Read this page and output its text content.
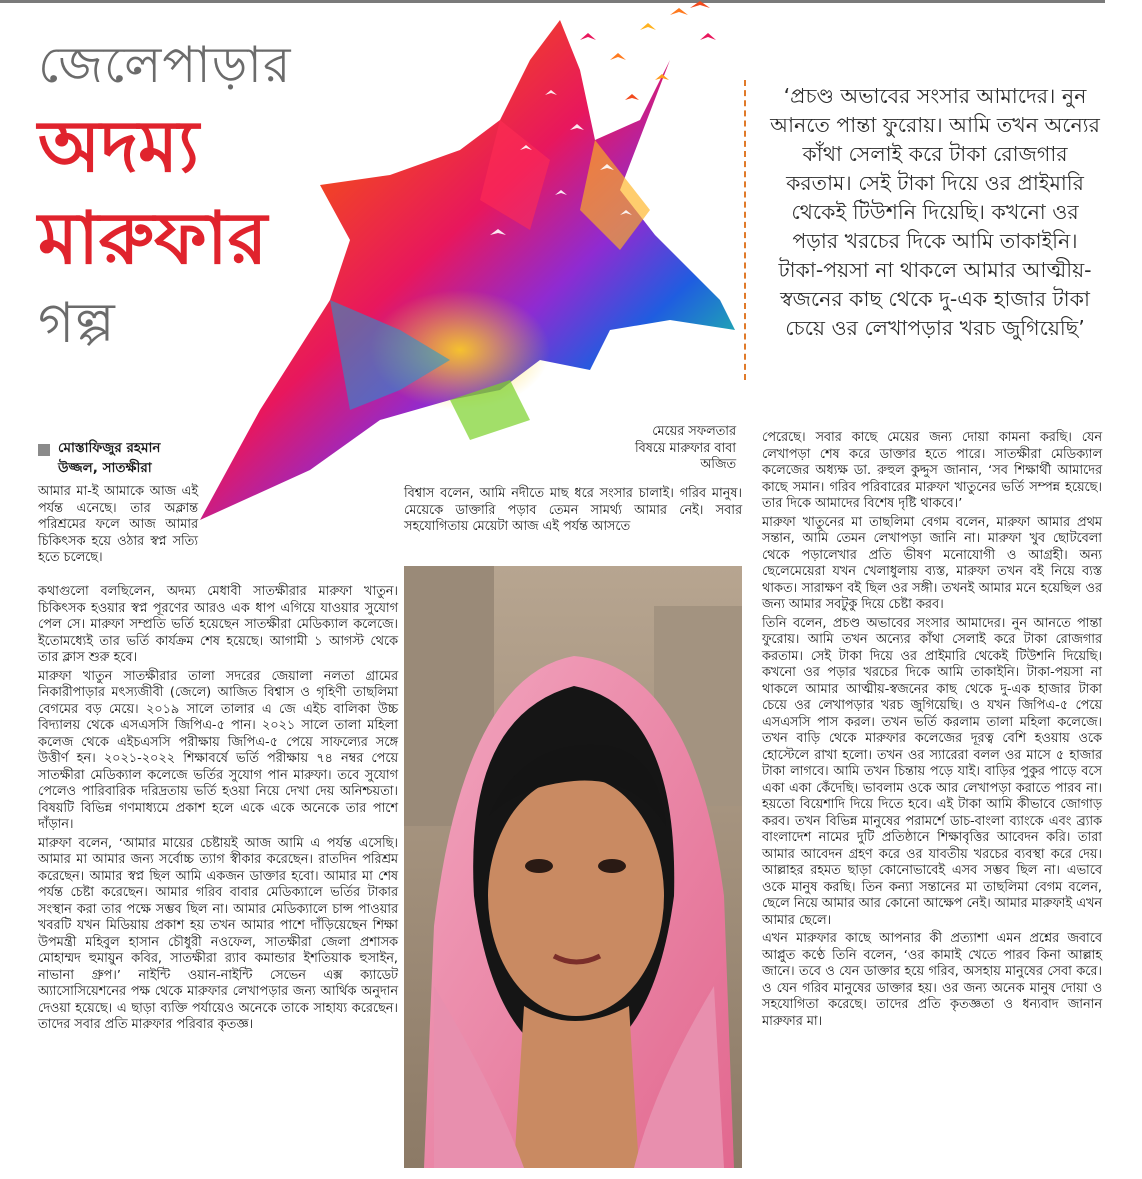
জেলেপাড়ার
অদম্য
মারুফার
গল্প
‘প্রচণ্ড অভাবের সংসার আমাদের। নুন আনতে পান্তা ফুরোয়। আমি তখন অন্যের কাঁথা সেলাই করে টাকা রোজগার করতাম। সেই টাকা দিয়ে ওর প্রাইমারি থেকেই টিউশনি দিয়েছি। কখনো ওর পড়ার খরচের দিকে আমি তাকাইনি। টাকা-পয়সা না থাকলে আমার আত্মীয়-স্বজনের কাছ থেকে দু-এক হাজার টাকা চেয়ে ওর লেখাপড়ার খরচ জুগিয়েছি’
মোস্তাফিজুর রহমান
উজ্জল, সাতক্ষীরা

আমার মা-ই আমাকে আজ এই পর্যন্ত এনেছে। তার অক্লান্ত পরিশ্রমের ফলে আজ আমার চিকিৎসক হয়ে ওঠার স্বপ্ন সত্যি হতে চলেছে।

কথাগুলো বলছিলেন, অদম্য মেধাবী সাতক্ষীরার মারুফা খাতুন। চিকিৎসক হওয়ার স্বপ্ন পূরণের আরও এক ধাপ এগিয়ে যাওয়ার সুযোগ পেল সে। মারুফা সম্প্রতি ভর্তি হয়েছেন সাতক্ষীরা মেডিক্যাল কলেজে। ইতোমধ্যেই তার ভর্তি কার্যক্রম শেষ হয়েছে। আগামী ১ আগস্ট থেকে তার ক্লাস শুরু হবে।

মারুফা খাতুন সাতক্ষীরার তালা সদরের জেয়ালা নলতা গ্রামের নিকারীপাড়ার মৎস্যজীবী (জেলে) আজিত বিশ্বাস ও গৃহিণী তাছলিমা বেগমের বড় মেয়ে। ২০১৯ সালে তালার এ জে এইচ বালিকা উচ্চ বিদ্যালয় থেকে এসএসসি জিপিএ-৫ পান। ২০২১ সালে তালা মহিলা কলেজ থেকে এইচএসসি পরীক্ষায় জিপিএ-৫ পেয়ে সাফল্যের সঙ্গে উত্তীর্ণ হন। ২০২১-২০২২ শিক্ষাবর্ষে ভর্তি পরীক্ষায় ৭৪ নম্বর পেয়ে সাতক্ষীরা মেডিক্যাল কলেজে ভর্তির সুযোগ পান মারুফা। তবে সুযোগ পেলেও পারিবারিক দরিদ্রতায় ভর্তি হওয়া নিয়ে দেখা দেয় অনিশ্চয়তা। বিষয়টি বিভিন্ন গণমাধ্যমে প্রকাশ হলে একে একে অনেকে তার পাশে দাঁড়ান।

মারুফা বলেন, ‘আমার মায়ের চেষ্টায়ই আজ আমি এ পর্যন্ত এসেছি। আমার মা আমার জন্য সর্বোচ্চ ত্যাগ স্বীকার করেছেন। রাতদিন পরিশ্রম করেছেন। আমার স্বপ্ন ছিল আমি একজন ডাক্তার হবো। আমার মা শেষ পর্যন্ত চেষ্টা করেছেন। আমার গরিব বাবার মেডিক্যালে ভর্তির টাকার সংস্থান করা তার পক্ষে সম্ভব ছিল না। আমার মেডিক্যালে চান্স পাওয়ার খবরটি যখন মিডিয়ায় প্রকাশ হয় তখন আমার পাশে দাঁড়িয়েছেন শিক্ষা উপমন্ত্রী মহিবুল হাসান চৌধুরী নওফেল, সাতক্ষীরা জেলা প্রশাসক মোহাম্মদ হুমায়ুন কবির, সাতক্ষীরা র‌্যাব কমান্ডার ইশতিয়াক হুসাইন, নাভানা গ্রুপ।’ নাইন্টি ওয়ান-নাইন্টি সেভেন এক্স ক্যাডেট অ্যাসোসিয়েশনের পক্ষ থেকে মারুফার লেখাপড়ার জন্য আর্থিক অনুদান দেওয়া হয়েছে। এ ছাড়া ব্যক্তি পর্যায়েও অনেকে তাকে সাহায্য করেছেন। তাদের সবার প্রতি মারুফার পরিবার কৃতজ্ঞ।

মেয়ের সফলতার বিষয়ে মারুফার বাবা অজিত

বিশ্বাস বলেন, আমি নদীতে মাছ ধরে সংসার চালাই। গরিব মানুষ। মেয়েকে ডাক্তারি পড়াব তেমন সামর্থ্য আমার নেই। সবার সহযোগিতায় মেয়েটা আজ এই পর্যন্ত আসতে

পেরেছে। সবার কাছে মেয়ের জন্য দোয়া কামনা করছি। যেন লেখাপড়া শেষ করে ডাক্তার হতে পারে। সাতক্ষীরা মেডিক্যাল কলেজের অধ্যক্ষ ডা. রুহুল কুদ্দুস জানান, ‘সব শিক্ষার্থী আমাদের কাছে সমান। গরিব পরিবারের মারুফা খাতুনের ভর্তি সম্পন্ন হয়েছে। তার দিকে আমাদের বিশেষ দৃষ্টি থাকবে।’

মারুফা খাতুনের মা তাছলিমা বেগম বলেন, মারুফা আমার প্রথম সন্তান, আমি তেমন লেখাপড়া জানি না। মারুফা খুব ছোটবেলা থেকে পড়ালেখার প্রতি ভীষণ মনোযোগী ও আগ্রহী। অন্য ছেলেমেয়েরা যখন খেলাধুলায় ব্যস্ত, মারুফা তখন বই নিয়ে ব্যস্ত থাকত। সারাক্ষণ বই ছিল ওর সঙ্গী। তখনই আমার মনে হয়েছিল ওর জন্য আমার সবটুকু দিয়ে চেষ্টা করব।

তিনি বলেন, প্রচণ্ড অভাবের সংসার আমাদের। নুন আনতে পান্তা ফুরোয়। আমি তখন অন্যের কাঁথা সেলাই করে টাকা রোজগার করতাম। সেই টাকা দিয়ে ওর প্রাইমারি থেকেই টিউশনি দিয়েছি। কখনো ওর পড়ার খরচের দিকে আমি তাকাইনি। টাকা-পয়সা না থাকলে আমার আত্মীয়-স্বজনের কাছ থেকে দু-এক হাজার টাকা চেয়ে ওর লেখাপড়ার খরচ জুগিয়েছি। ও যখন জিপিএ-৫ পেয়ে এসএসসি পাস করল। তখন ভর্তি করলাম তালা মহিলা কলেজে। তখন বাড়ি থেকে মারুফার কলেজের দূরত্ব বেশি হওয়ায় ওকে হোস্টেলে রাখা হলো। তখন ওর স্যারেরা বলল ওর মাসে ৫ হাজার টাকা লাগবে। আমি তখন চিন্তায় পড়ে যাই। বাড়ির পুকুর পাড়ে বসে একা একা কেঁদেছি। ভাবলাম ওকে আর লেখাপড়া করাতে পারব না। হয়তো বিয়েশাদি দিয়ে দিতে হবে। এই টাকা আমি কীভাবে জোগাড় করব। তখন বিভিন্ন মানুষের পরামর্শে ডাচ-বাংলা ব্যাংকে এবং ব্র্যাক বাংলাদেশ নামের দুটি প্রতিষ্ঠানে শিক্ষাবৃত্তির আবেদন করি। তারা আমার আবেদন গ্রহণ করে ওর যাবতীয় খরচের ব্যবস্থা করে দেয়। আল্লাহর রহমত ছাড়া কোনোভাবেই এসব সম্ভব ছিল না। এভাবে ওকে মানুষ করছি। তিন কন্যা সন্তানের মা তাছলিমা বেগম বলেন, ছেলে নিয়ে আমার আর কোনো আক্ষেপ নেই। আমার মারুফাই এখন আমার ছেলে।

এখন মারুফার কাছে আপনার কী প্রত্যাশা এমন প্রশ্নের জবাবে আপ্লুত কণ্ঠে তিনি বলেন, ‘ওর কামাই খেতে পারব কিনা আল্লাহ জানে। তবে ও যেন ডাক্তার হয়ে গরিব, অসহায় মানুষের সেবা করে। ও যেন গরিব মানুষের ডাক্তার হয়। ওর জন্য অনেক মানুষ দোয়া ও সহযোগিতা করেছে। তাদের প্রতি কৃতজ্ঞতা ও ধন্যবাদ জানান মারুফার মা।
